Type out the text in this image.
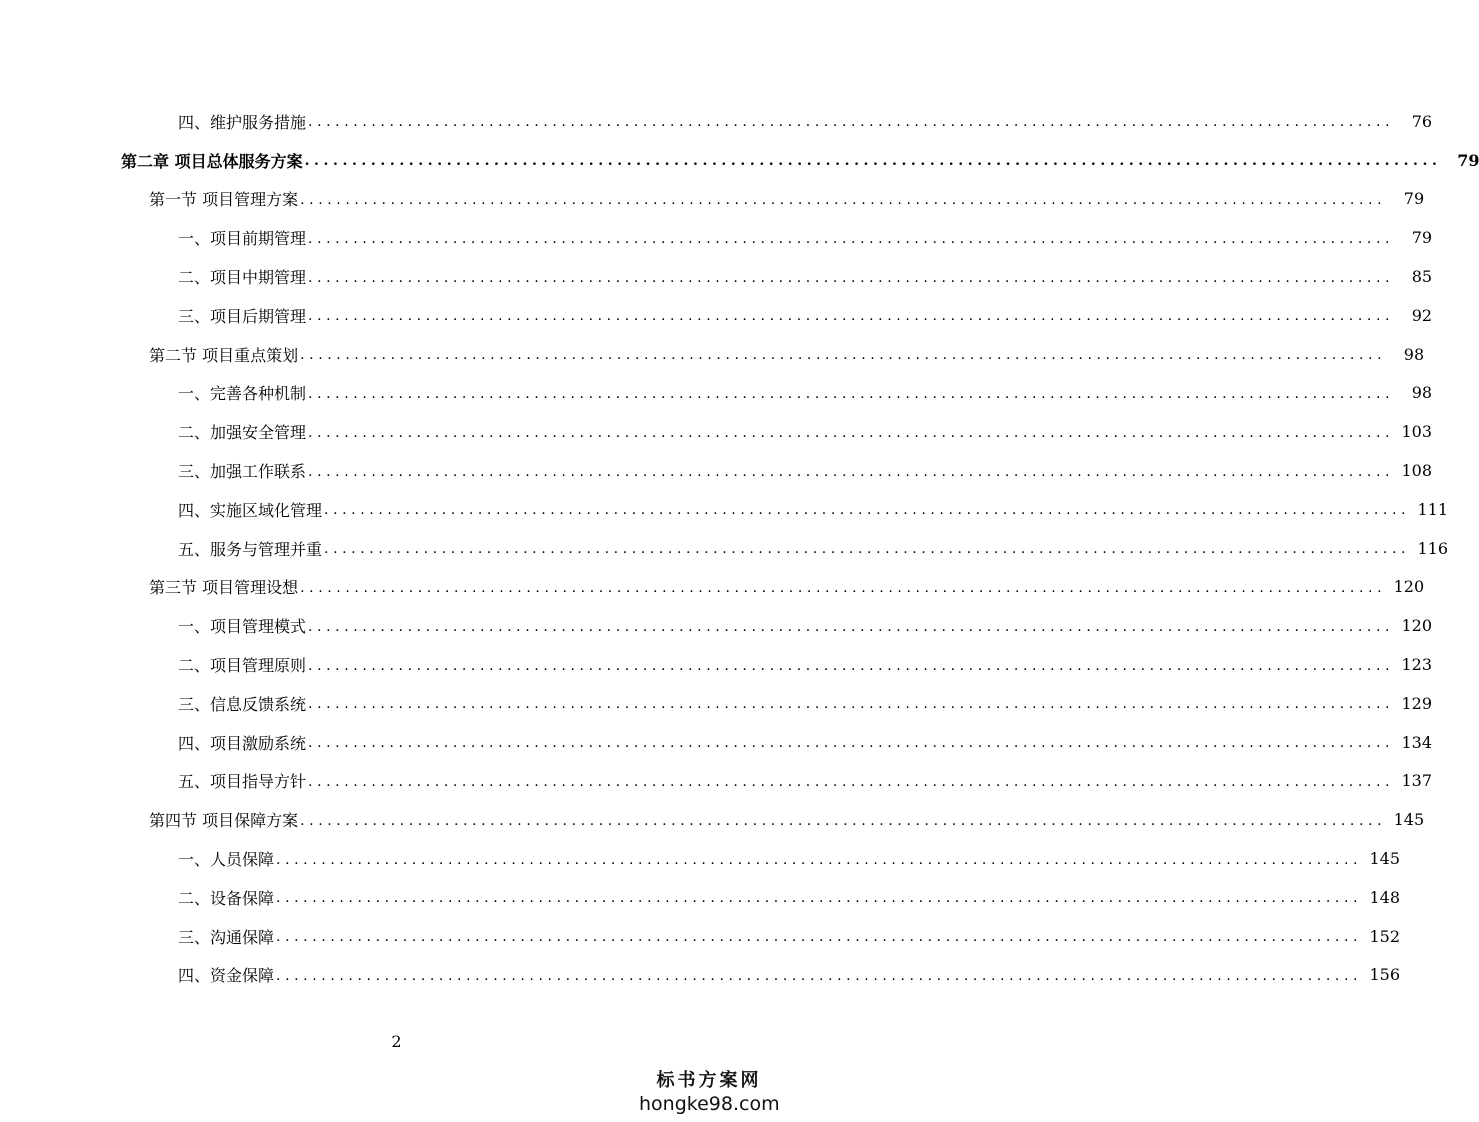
四、维护服务措施 ........................................................................................................................	76
第二章 项目总体服务方案 ........................................................................................................................ 79
第一节 项目管理方案 ........................................................................................................................	79
一、项目前期管理 ........................................................................................................................	79
二、项目中期管理 ........................................................................................................................	85
三、项目后期管理 ........................................................................................................................	92
第二节 项目重点策划 ........................................................................................................................	98
一、完善各种机制 ........................................................................................................................	98
二、加强安全管理 ........................................................................................................................ 103
三、加强工作联系 ........................................................................................................................ 108
四、实施区域化管理 ........................................................................................................................ 111
五、服务与管理并重 ........................................................................................................................ 116
第三节 项目管理设想 ........................................................................................................................ 120
一、项目管理模式 ........................................................................................................................ 120
二、项目管理原则 ........................................................................................................................ 123
三、信息反馈系统 ........................................................................................................................ 129
四、项目激励系统 ........................................................................................................................ 134
五、项目指导方针 ........................................................................................................................ 137
第四节 项目保障方案 ........................................................................................................................ 145
一、人员保障 ........................................................................................................................ 145
二、设备保障 ........................................................................................................................ 148
三、沟通保障 ........................................................................................................................ 152
四、资金保障 ........................................................................................................................ 156
2
标书方案网
hongke98.com
